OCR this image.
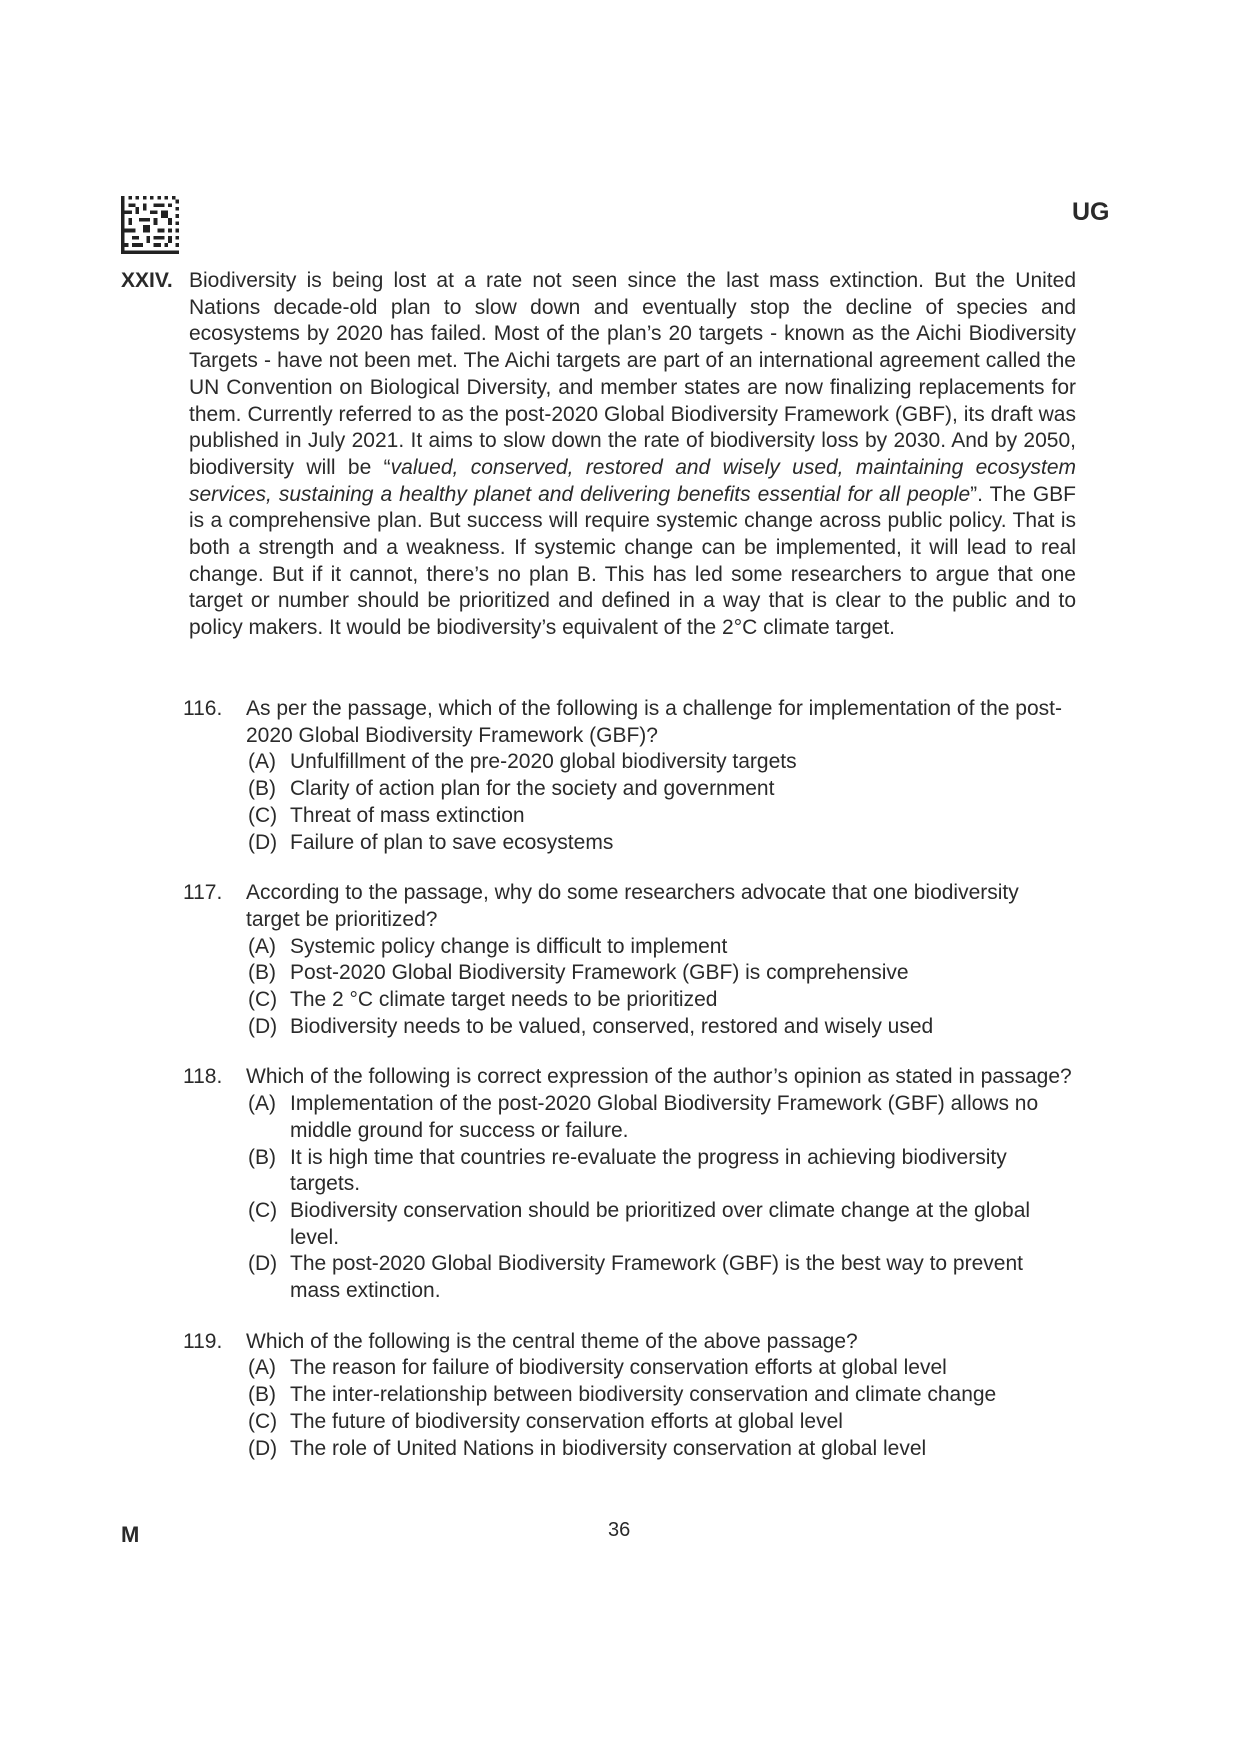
UG
XXIV. Biodiversity is being lost at a rate not seen since the last mass extinction. But the United Nations decade-old plan to slow down and eventually stop the decline of species and ecosystems by 2020 has failed. Most of the plan’s 20 targets - known as the Aichi Biodiversity Targets - have not been met. The Aichi targets are part of an international agreement called the UN Convention on Biological Diversity, and member states are now finalizing replacements for them. Currently referred to as the post-2020 Global Biodiversity Framework (GBF), its draft was published in July 2021. It aims to slow down the rate of biodiversity loss by 2030. And by 2050, biodiversity will be “valued, conserved, restored and wisely used, maintaining ecosystem services, sustaining a healthy planet and delivering benefits essential for all people”. The GBF is a comprehensive plan. But success will require systemic change across public policy. That is both a strength and a weakness. If systemic change can be implemented, it will lead to real change. But if it cannot, there’s no plan B. This has led some researchers to argue that one target or number should be prioritized and defined in a way that is clear to the public and to policy makers. It would be biodiversity’s equivalent of the 2°C climate target.
116. As per the passage, which of the following is a challenge for implementation of the post-2020 Global Biodiversity Framework (GBF)?
(A) Unfulfillment of the pre-2020 global biodiversity targets
(B) Clarity of action plan for the society and government
(C) Threat of mass extinction
(D) Failure of plan to save ecosystems
117. According to the passage, why do some researchers advocate that one biodiversity target be prioritized?
(A) Systemic policy change is difficult to implement
(B) Post-2020 Global Biodiversity Framework (GBF) is comprehensive
(C) The 2 °C climate target needs to be prioritized
(D) Biodiversity needs to be valued, conserved, restored and wisely used
118. Which of the following is correct expression of the author’s opinion as stated in passage?
(A) Implementation of the post-2020 Global Biodiversity Framework (GBF) allows no middle ground for success or failure.
(B) It is high time that countries re-evaluate the progress in achieving biodiversity targets.
(C) Biodiversity conservation should be prioritized over climate change at the global level.
(D) The post-2020 Global Biodiversity Framework (GBF) is the best way to prevent mass extinction.
119. Which of the following is the central theme of the above passage?
(A) The reason for failure of biodiversity conservation efforts at global level
(B) The inter-relationship between biodiversity conservation and climate change
(C) The future of biodiversity conservation efforts at global level
(D) The role of United Nations in biodiversity conservation at global level
M	36
